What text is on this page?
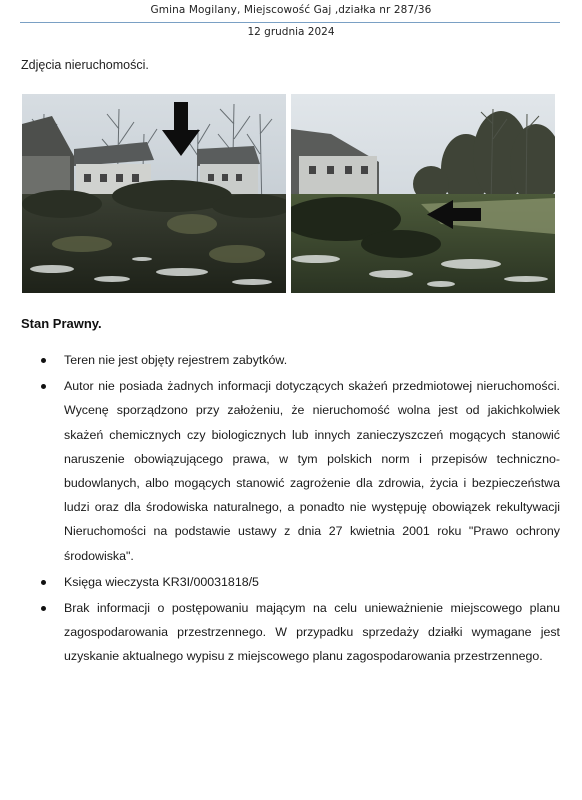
Gmina Mogilany, Miejscowość Gaj ,działka nr 287/36
12 grudnia 2024
Zdjęcia nieruchomości.
Stan Prawny.
Teren nie jest objęty rejestrem zabytków.
Autor nie posiada żadnych informacji dotyczących skażeń przedmiotowej nieruchomości. Wycenę sporządzono przy założeniu, że nieruchomość wolna jest od jakichkolwiek skażeń chemicznych czy biologicznych lub innych zanieczyszczeń mogących stanowić naruszenie obowiązującego prawa, w tym polskich norm i przepisów techniczno- budowlanych, albo mogących stanowić zagrożenie dla zdrowia, życia i bezpieczeństwa ludzi oraz dla środowiska naturalnego, a ponadto nie występuję obowiązek rekultywacji Nieruchomości na podstawie ustawy z dnia 27 kwietnia 2001 roku "Prawo ochrony środowiska".
Księga wieczysta KR3I/00031818/5
Brak informacji o postępowaniu mającym na celu unieważnienie miejscowego planu zagospodarowania przestrzennego. W przypadku sprzedaży działki wymagane jest uzyskanie aktualnego wypisu z miejscowego planu zagospodarowania przestrzennego.
